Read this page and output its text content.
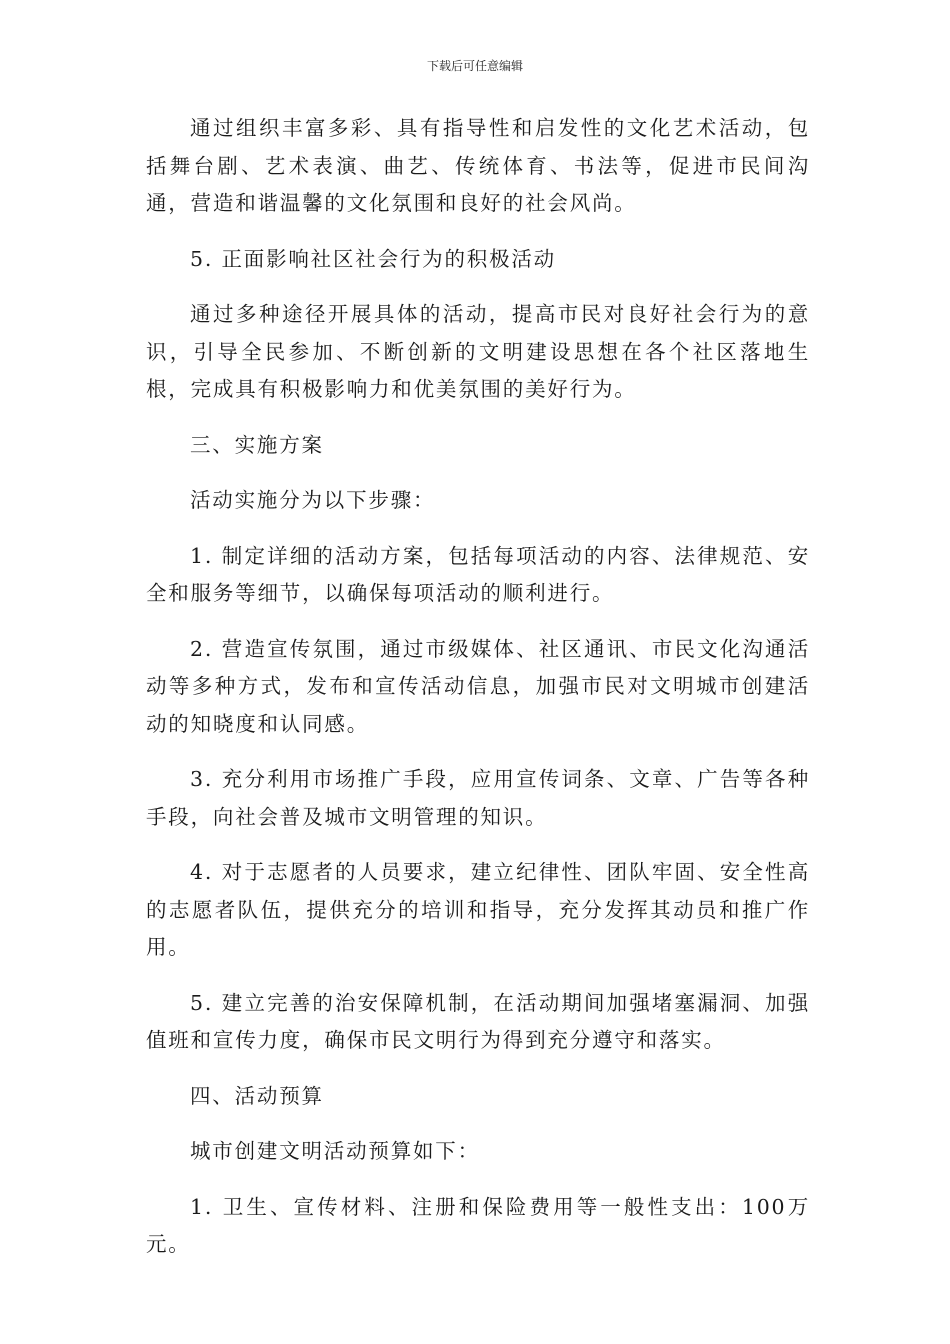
下载后可任意编辑

通过组织丰富多彩、具有指导性和启发性的文化艺术活动，包括舞台剧、艺术表演、曲艺、传统体育、书法等，促进市民间沟通，营造和谐温馨的文化氛围和良好的社会风尚。

5. 正面影响社区社会行为的积极活动

通过多种途径开展具体的活动，提高市民对良好社会行为的意识，引导全民参加、不断创新的文明建设思想在各个社区落地生根，完成具有积极影响力和优美氛围的美好行为。

三、实施方案

活动实施分为以下步骤：

1. 制定详细的活动方案，包括每项活动的内容、法律规范、安全和服务等细节，以确保每项活动的顺利进行。

2. 营造宣传氛围，通过市级媒体、社区通讯、市民文化沟通活动等多种方式，发布和宣传活动信息，加强市民对文明城市创建活动的知晓度和认同感。

3. 充分利用市场推广手段，应用宣传词条、文章、广告等各种手段，向社会普及城市文明管理的知识。

4. 对于志愿者的人员要求，建立纪律性、团队牢固、安全性高的志愿者队伍，提供充分的培训和指导，充分发挥其动员和推广作用。

5. 建立完善的治安保障机制，在活动期间加强堵塞漏洞、加强值班和宣传力度，确保市民文明行为得到充分遵守和落实。

四、活动预算

城市创建文明活动预算如下：

1. 卫生、宣传材料、注册和保险费用等一般性支出：100万元。
